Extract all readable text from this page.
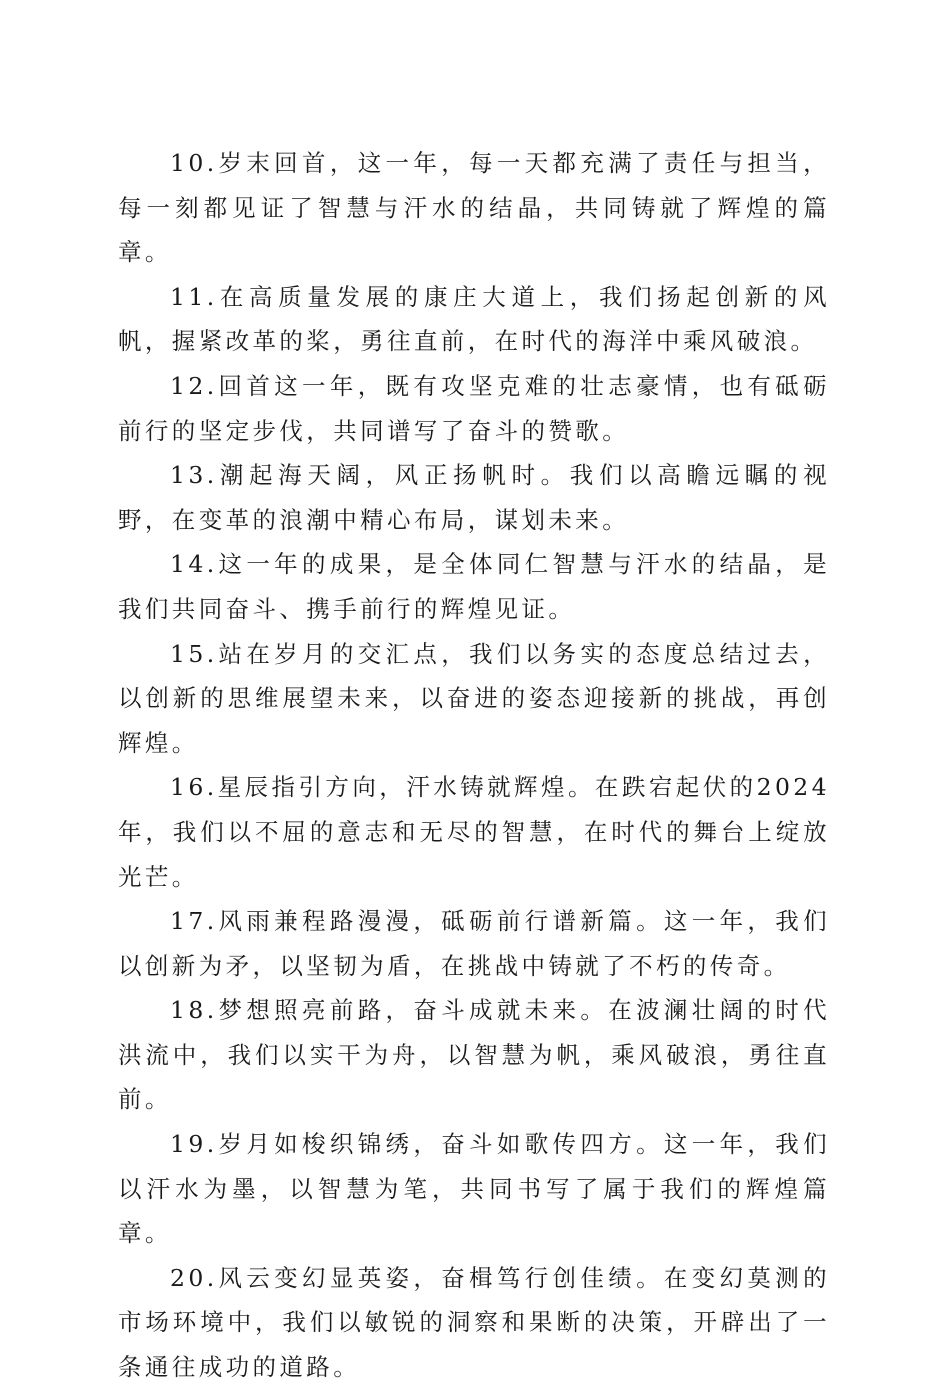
10.岁末回首，这一年，每一天都充满了责任与担当，每一刻都见证了智慧与汗水的结晶，共同铸就了辉煌的篇章。

11.在高质量发展的康庄大道上，我们扬起创新的风帆，握紧改革的桨，勇往直前，在时代的海洋中乘风破浪。

12.回首这一年，既有攻坚克难的壮志豪情，也有砥砺前行的坚定步伐，共同谱写了奋斗的赞歌。

13.潮起海天阔，风正扬帆时。我们以高瞻远瞩的视野，在变革的浪潮中精心布局，谋划未来。

14.这一年的成果，是全体同仁智慧与汗水的结晶，是我们共同奋斗、携手前行的辉煌见证。

15.站在岁月的交汇点，我们以务实的态度总结过去，以创新的思维展望未来，以奋进的姿态迎接新的挑战，再创辉煌。

16.星辰指引方向，汗水铸就辉煌。在跌宕起伏的2024年，我们以不屈的意志和无尽的智慧，在时代的舞台上绽放光芒。

17.风雨兼程路漫漫，砥砺前行谱新篇。这一年，我们以创新为矛，以坚韧为盾，在挑战中铸就了不朽的传奇。

18.梦想照亮前路，奋斗成就未来。在波澜壮阔的时代洪流中，我们以实干为舟，以智慧为帆，乘风破浪，勇往直前。

19.岁月如梭织锦绣，奋斗如歌传四方。这一年，我们以汗水为墨，以智慧为笔，共同书写了属于我们的辉煌篇章。

20.风云变幻显英姿，奋楫笃行创佳绩。在变幻莫测的市场环境中，我们以敏锐的洞察和果断的决策，开辟出了一条通往成功的道路。
